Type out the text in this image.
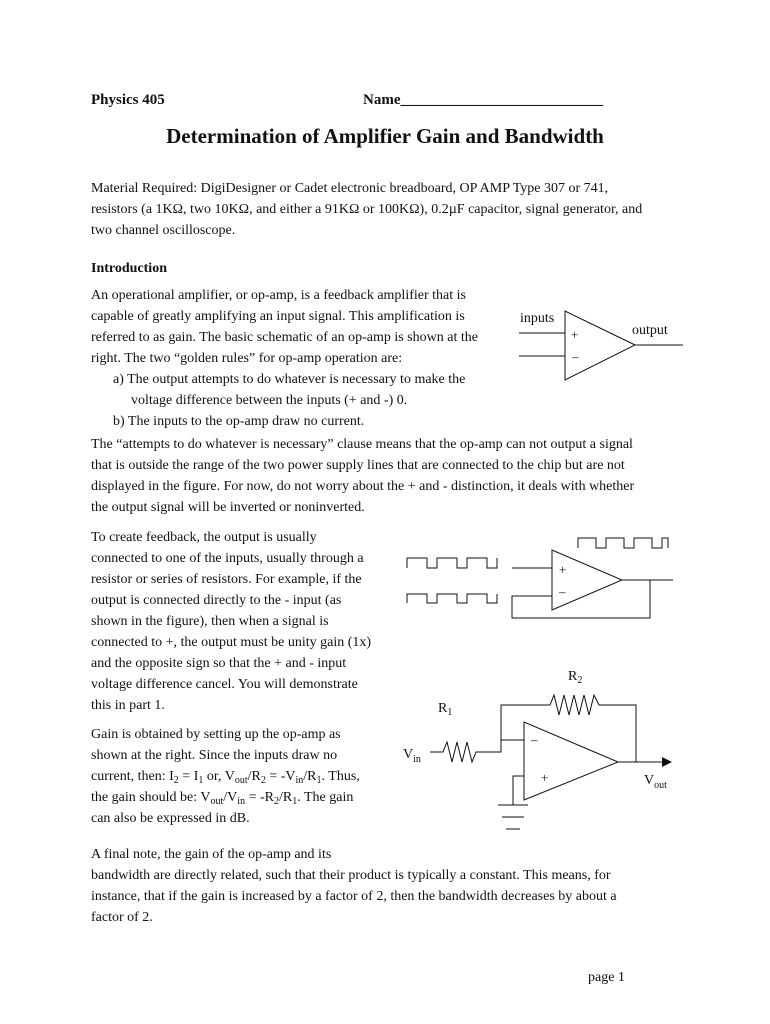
Physics 405	Name___________________________
Determination of Amplifier Gain and Bandwidth

Material Required: DigiDesigner or Cadet electronic breadboard, OP AMP Type 307 or 741,

resistors (a 1KΩ, two 10KΩ, and either a 91KΩ or 100KΩ), 0.2µF capacitor, signal generator, and

two channel oscilloscope.

Introduction

An operational amplifier, or op-amp, is a feedback amplifier that is

capable of greatly amplifying an input signal. This amplification is

referred to as gain. The basic schematic of an op-amp is shown at the

right. The two “golden rules” for op-amp operation are:

a) The output attempts to do whatever is necessary to make the

voltage difference between the inputs (+ and -) 0.

b) The inputs to the op-amp draw no current.

The “attempts to do whatever is necessary” clause means that the op-amp can not output a signal

that is outside the range of the two power supply lines that are connected to the chip but are not

displayed in the figure. For now, do not worry about the + and - distinction, it deals with whether

the output signal will be inverted or noninverted.

To create feedback, the output is usually

connected to one of the inputs, usually through a

resistor or series of resistors. For example, if the

output is connected directly to the - input (as

shown in the figure), then when a signal is

connected to +, the output must be unity gain (1x)

and the opposite sign so that the + and - input

voltage difference cancel. You will demonstrate

this in part 1.

Gain is obtained by setting up the op-amp as

shown at the right. Since the inputs draw no

current, then: $I_2 = I_1$ or, $V_{out}/R_2 = -V_{in}/R_1$. Thus,

the gain should be: $V_{out}/V_{in} = -R_2/R_1$. The gain

can also be expressed in dB.

A final note, the gain of the op-amp and its

bandwidth are directly related, such that their product is typically a constant. This means, for

instance, that if the gain is increased by a factor of 2, then the bandwidth decreases by about a

factor of 2.

inputs
output
+
–
+
–
$R_2$
$R_1$
–
+
$V_{in}$
$V_{out}$
page 1
